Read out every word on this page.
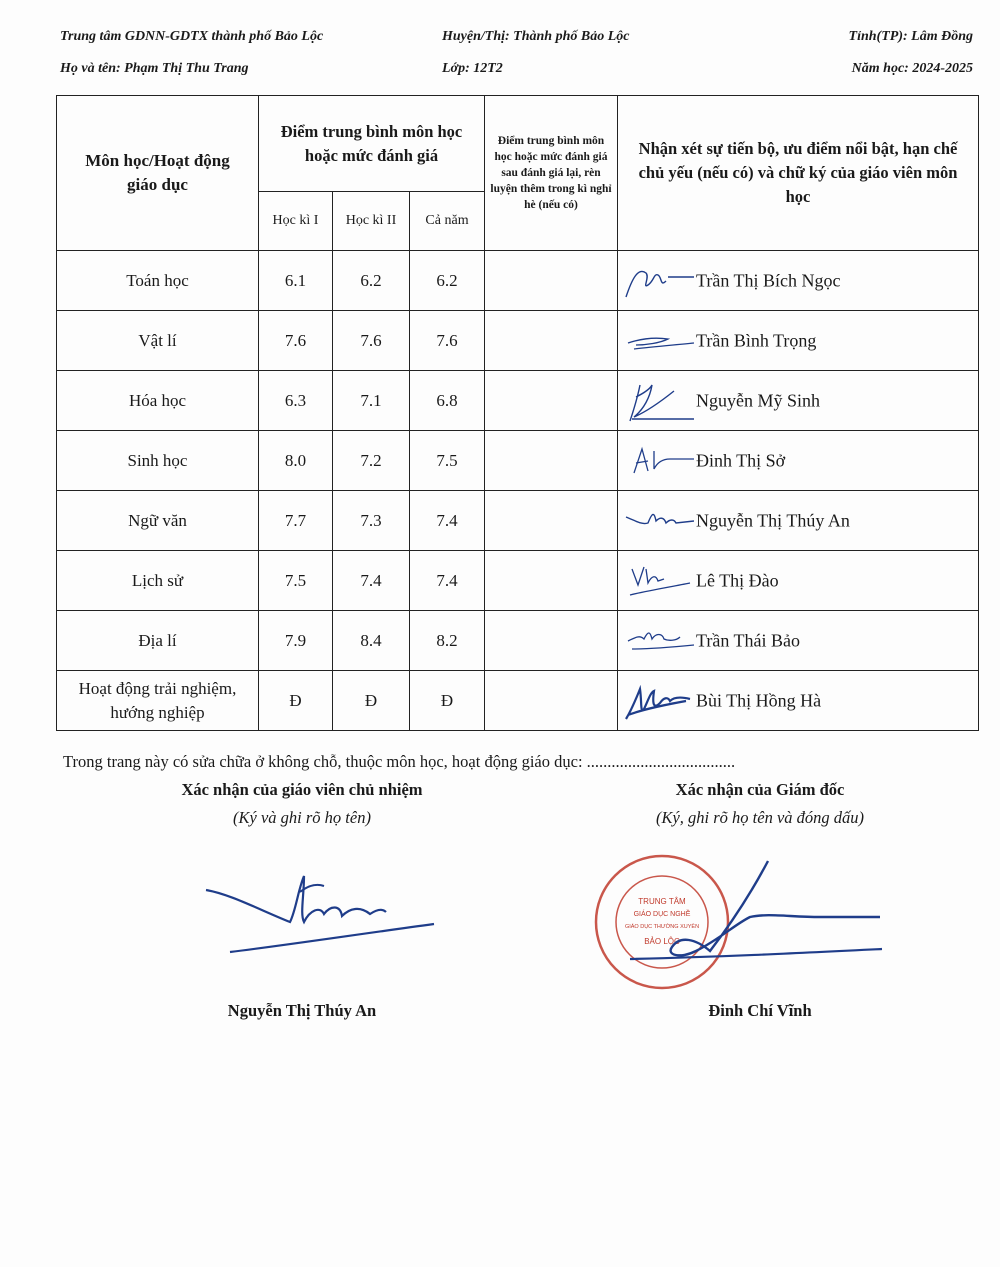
Trung tâm GDNN-GDTX thành phố Bảo Lộc	Huyện/Thị: Thành phố Bảo Lộc	Tỉnh(TP): Lâm Đồng
Họ và tên: Phạm Thị Thu Trang	Lớp: 12T2	Năm học: 2024-2025
Môn học/Hoạt động giáo dục	Điểm trung bình môn học hoặc mức đánh giá			Điểm trung bình môn học hoặc mức đánh giá sau đánh giá lại, rèn luyện thêm trong kì nghỉ hè (nếu có)	Nhận xét sự tiến bộ, ưu điểm nổi bật, hạn chế chủ yếu (nếu có) và chữ ký của giáo viên môn học

	Học kì I	Học kì II	Cả năm		
Toán học	6.1	6.2	6.2		Trần Thị Bích Ngọc

Vật lí	7.6	7.6	7.6		Trần Bình Trọng

Hóa học	6.3	7.1	6.8		Nguyễn Mỹ Sinh

Sinh học	8.0	7.2	7.5		Đinh Thị Sở

Ngữ văn	7.7	7.3	7.4		Nguyễn Thị Thúy An

Lịch sử	7.5	7.4	7.4		Lê Thị Đào

Địa lí	7.9	8.4	8.2		Trần Thái Bảo

Hoạt động trải nghiệm, hướng nghiệp	Đ	Đ	Đ		Bùi Thị Hồng Hà
Trong trang này có sửa chữa ở không chỗ, thuộc môn học, hoạt động giáo dục: ....................................
Xác nhận của giáo viên chủ nhiệm
(Ký và ghi rõ họ tên)
Nguyễn Thị Thúy An
Xác nhận của Giám đốc
(Ký, ghi rõ họ tên và đóng dấu)
TRUNG TÂM
GIÁO DỤC NGHỀ
GIÁO DỤC THƯỜNG XUYÊN
BẢO LỘC
Đinh Chí Vĩnh
